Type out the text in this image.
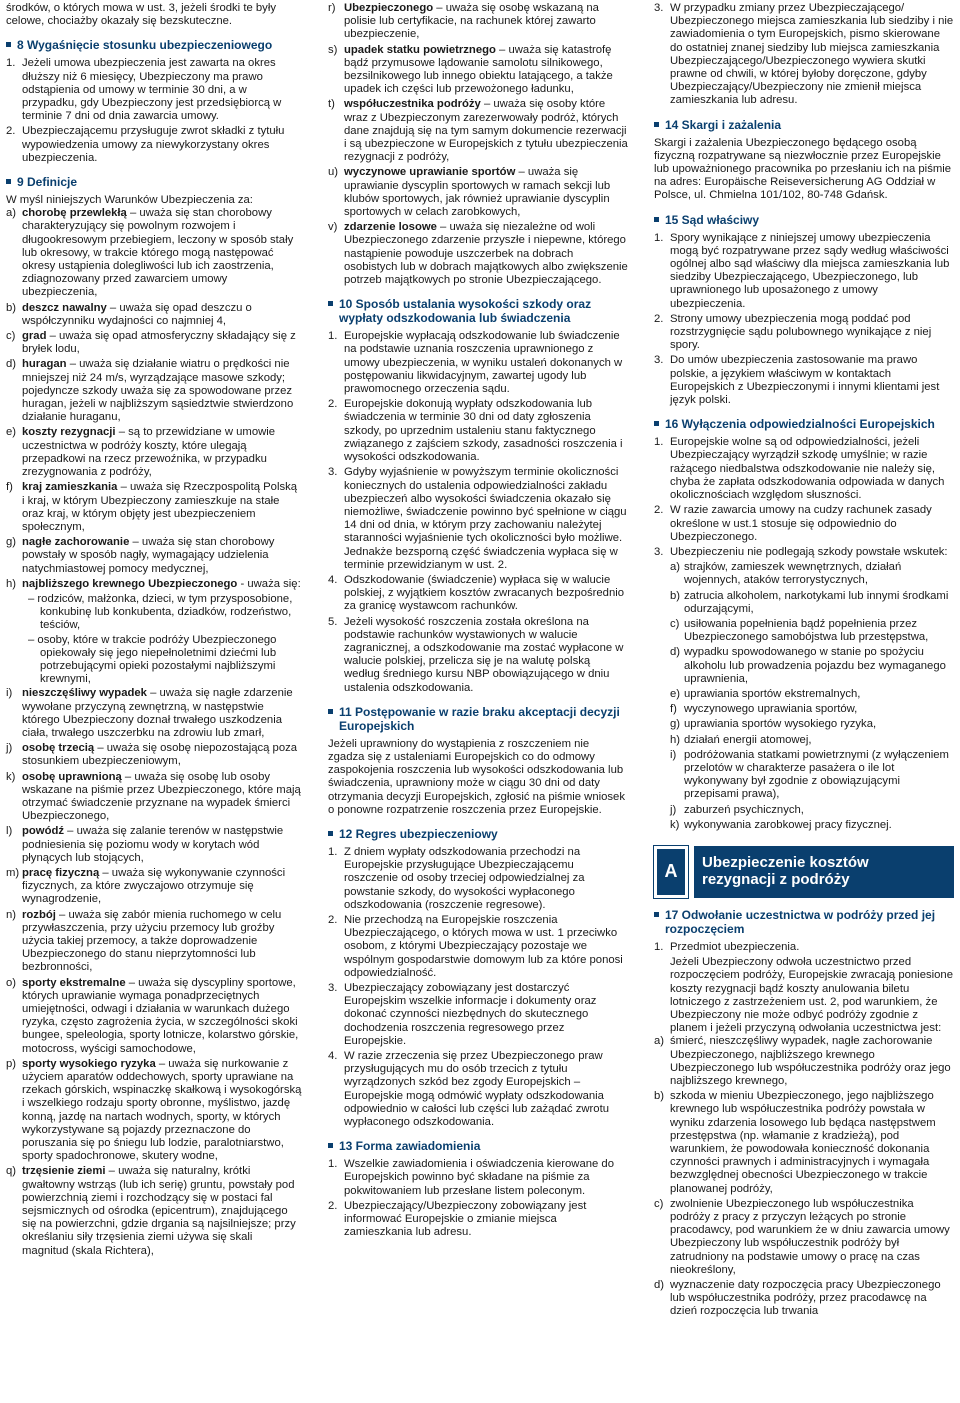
środków, o których mowa w ust. 3, jeżeli środki te były celowe, chociażby okazały się bezskuteczne.

8 Wygaśnięcie stosunku ubezpieczeniowego
1. Jeżeli umowa ubezpieczenia jest zawarta na okres dłuższy niż 6 miesięcy, Ubezpieczony ma prawo odstąpienia od umowy w terminie 30 dni, a w przypadku, gdy Ubezpieczony jest przedsiębiorcą w terminie 7 dni od dnia zawarcia umowy.
2. Ubezpieczającemu przysługuje zwrot składki z tytułu wypowiedzenia umowy za niewykorzystany okres ubezpieczenia.
9 Definicje

W myśl niniejszych Warunków Ubezpieczenia za:

a) chorobę przewlekłą – uważa się stan chorobowy charakteryzujący się powolnym rozwojem i długookresowym przebiegiem, leczony w sposób stały lub okresowy, w trakcie którego mogą następować okresy ustąpienia dolegliwości lub ich zaostrzenia, zdiagnozowany przed zawarciem umowy ubezpieczenia,
b) deszcz nawalny – uważa się opad deszczu o współczynniku wydajności co najmniej 4,
c) grad – uważa się opad atmosferyczny składający się z bryłek lodu,
d) huragan – uważa się działanie wiatru o prędkości nie mniejszej niż 24 m/s, wyrządzające masowe szkody; pojedyncze szkody uważa się za spowodowane przez huragan, jeżeli w najbliższym sąsiedztwie stwierdzono działanie huraganu,
e) koszty rezygnacji – są to przewidziane w umowie uczestnictwa w podróży koszty, które ulegają przepadkowi na rzecz przewoźnika, w przypadku zrezygnowania z podróży,
f) kraj zamieszkania – uważa się Rzeczpospolitą Polską i kraj, w którym Ubezpieczony zamieszkuje na stałe oraz kraj, w którym objęty jest ubezpieczeniem społecznym,
g) nagłe zachorowanie – uważa się stan chorobowy powstały w sposób nagły, wymagający udzielenia natychmiastowej pomocy medycznej,
h) najbliższego krewnego Ubezpieczonego - uważa się:

– rodziców, małżonka, dzieci, w tym przysposobione, konkubinę lub konkubenta, dziadków, rodzeństwo, teściów,

– osoby, które w trakcie podróży Ubezpieczonego opiekowały się jego niepełnoletnimi dziećmi lub potrzebującymi opieki pozostałymi najbliższymi krewnymi,

i) nieszczęśliwy wypadek – uważa się nagłe zdarzenie wywołane przyczyną zewnętrzną, w następstwie którego Ubezpieczony doznał trwałego uszkodzenia ciała, trwałego uszczerbku na zdrowiu lub zmarł,
j) osobę trzecią – uważa się osobę niepozostającą poza stosunkiem ubezpieczeniowym,
k) osobę uprawnioną – uważa się osobę lub osoby wskazane na piśmie przez Ubezpieczonego, które mają otrzymać świadczenie przyznane na wypadek śmierci Ubezpieczonego,
l) powódź – uważa się zalanie terenów w następstwie podniesienia się poziomu wody w korytach wód płynących lub stojących,
m) pracę fizyczną – uważa się wykonywanie czynności fizycznych, za które zwyczajowo otrzymuje się wynagrodzenie,
n) rozbój – uważa się zabór mienia ruchomego w celu przywłaszczenia, przy użyciu przemocy lub groźby użycia takiej przemocy, a także doprowadzenie Ubezpieczonego do stanu nieprzytomności lub bezbronności,
o) sporty ekstremalne – uważa się dyscypliny sportowe, których uprawianie wymaga ponadprzeciętnych umiejętności, odwagi i działania w warunkach dużego ryzyka, często zagrożenia życia, w szczególności skoki bungee, speleologia, sporty lotnicze, kolarstwo górskie, motocross, wyścigi samochodowe,
p) sporty wysokiego ryzyka – uważa się nurkowanie z użyciem aparatów oddechowych, sporty uprawiane na rzekach górskich, wspinaczkę skałkową i wysokogórską i wszelkiego rodzaju sporty obronne, myślistwo, jazdę konną, jazdę na nartach wodnych, sporty, w których wykorzystywane są pojazdy przeznaczone do poruszania się po śniegu lub lodzie, paralotniarstwo, sporty spadochronowe, skutery wodne,
q) trzęsienie ziemi – uważa się naturalny, krótki gwałtowny wstrząs (lub ich serię) gruntu, powstały pod powierzchnią ziemi i rozchodzący się w postaci fal sejsmicznych od ośrodka (epicentrum), znajdującego się na powierzchni, gdzie drgania są najsilniejsze; przy określaniu siły trzęsienia ziemi używa się skali magnitud (skala Richtera),
r) Ubezpieczonego – uważa się osobę wskazaną na polisie lub certyfikacie, na rachunek której zawarto ubezpieczenie,
s) upadek statku powietrznego – uważa się katastrofę bądź przymusowe lądowanie samolotu silnikowego, bezsilnikowego lub innego obiektu latającego, a także upadek ich części lub przewożonego ładunku,
t) współuczestnika podróży – uważa się osoby które wraz z Ubezpieczonym zarezerwowały podróż, których dane znajdują się na tym samym dokumencie rezerwacji i są ubezpieczone w Europejskich z tytułu ubezpieczenia rezygnacji z podróży,
u) wyczynowe uprawianie sportów – uważa się uprawianie dyscyplin sportowych w ramach sekcji lub klubów sportowych, jak również uprawianie dyscyplin sportowych w celach zarobkowych,
v) zdarzenie losowe – uważa się niezależne od woli Ubezpieczonego zdarzenie przyszłe i niepewne, którego nastąpienie powoduje uszczerbek na dobrach osobistych lub w dobrach majątkowych albo zwiększenie potrzeb majątkowych po stronie Ubezpieczającego.
10 Sposób ustalania wysokości szkody oraz wypłaty odszkodowania lub świadczenia
1. Europejskie wypłacają odszkodowanie lub świadczenie na podstawie uznania roszczenia uprawnionego z umowy ubezpieczenia, w wyniku ustaleń dokonanych w postępowaniu likwidacyjnym, zawartej ugody lub prawomocnego orzeczenia sądu.
2. Europejskie dokonują wypłaty odszkodowania lub świadczenia w terminie 30 dni od daty zgłoszenia szkody, po uprzednim ustaleniu stanu faktycznego związanego z zajściem szkody, zasadności roszczenia i wysokości odszkodowania.
3. Gdyby wyjaśnienie w powyższym terminie okoliczności koniecznych do ustalenia odpowiedzialności zakładu ubezpieczeń albo wysokości świadczenia okazało się niemożliwe, świadczenie powinno być spełnione w ciągu 14 dni od dnia, w którym przy zachowaniu należytej staranności wyjaśnienie tych okoliczności było możliwe. Jednakże bezsporną część świadczenia wypłaca się w terminie przewidzianym w ust. 2.
4. Odszkodowanie (świadczenie) wypłaca się w walucie polskiej, z wyjątkiem kosztów zwracanych bezpośrednio za granicę wystawcom rachunków.
5. Jeżeli wysokość roszczenia została określona na podstawie rachunków wystawionych w walucie zagranicznej, a odszkodowanie ma zostać wypłacone w walucie polskiej, przelicza się je na walutę polską według średniego kursu NBP obowiązującego w dniu ustalenia odszkodowania.
11 Postępowanie w razie braku akceptacji decyzji Europejskich

Jeżeli uprawniony do wystąpienia z roszczeniem nie zgadza się z ustaleniami Europejskich co do odmowy zaspokojenia roszczenia lub wysokości odszkodowania lub świadczenia, uprawniony może w ciągu 30 dni od daty otrzymania decyzji Europejskich, zgłosić na piśmie wniosek o ponowne rozpatrzenie roszczenia przez Europejskie.

12 Regres ubezpieczeniowy
1. Z dniem wypłaty odszkodowania przechodzi na Europejskie przysługujące Ubezpieczającemu roszczenie od osoby trzeciej odpowiedzialnej za powstanie szkody, do wysokości wypłaconego odszkodowania (roszczenie regresowe).
2. Nie przechodzą na Europejskie roszczenia Ubezpieczającego, o których mowa w ust. 1 przeciwko osobom, z którymi Ubezpieczający pozostaje we wspólnym gospodarstwie domowym lub za które ponosi odpowiedzialność.
3. Ubezpieczający zobowiązany jest dostarczyć Europejskim wszelkie informacje i dokumenty oraz dokonać czynności niezbędnych do skutecznego dochodzenia roszczenia regresowego przez Europejskie.
4. W razie zrzeczenia się przez Ubezpieczonego praw przysługujących mu do osób trzecich z tytułu wyrządzonych szkód bez zgody Europejskich – Europejskie mogą odmówić wypłaty odszkodowania odpowiednio w całości lub części lub zażądać zwrotu wypłaconego odszkodowania.
13 Forma zawiadomienia
1. Wszelkie zawiadomienia i oświadczenia kierowane do Europejskich powinno być składane na piśmie za pokwitowaniem lub przesłane listem poleconym.
2. Ubezpieczający/Ubezpieczony zobowiązany jest informować Europejskie o zmianie miejsca zamieszkania lub adresu.
3. W przypadku zmiany przez Ubezpieczającego/ Ubezpieczonego miejsca zamieszkania lub siedziby i nie zawiadomienia o tym Europejskich, pismo skierowane do ostatniej znanej siedziby lub miejsca zamieszkania Ubezpieczającego/Ubezpieczonego wywiera skutki prawne od chwili, w której byłoby doręczone, gdyby Ubezpieczający/Ubezpieczony nie zmienił miejsca zamieszkania lub adresu.
14 Skargi i zażalenia

Skargi i zażalenia Ubezpieczonego będącego osobą fizyczną rozpatrywane są niezwłocznie przez Europejskie lub upoważnionego pracownika po przesłaniu ich na piśmie na adres: Europäische Reiseversicherung AG Oddział w Polsce, ul. Chmielna 101/102, 80-748 Gdańsk.

15 Sąd właściwy
1. Spory wynikające z niniejszej umowy ubezpieczenia mogą być rozpatrywane przez sądy według właściwości ogólnej albo sąd właściwy dla miejsca zamieszkania lub siedziby Ubezpieczającego, Ubezpieczonego, lub uprawnionego lub uposażonego z umowy ubezpieczenia.
2. Strony umowy ubezpieczenia mogą poddać pod rozstrzygnięcie sądu polubownego wynikające z niej spory.
3. Do umów ubezpieczenia zastosowanie ma prawo polskie, a językiem właściwym w kontaktach Europejskich z Ubezpieczonymi i innymi klientami jest język polski.
16 Wyłączenia odpowiedzialności Europejskich
1. Europejskie wolne są od odpowiedzialności, jeżeli Ubezpieczający wyrządził szkodę umyślnie; w razie rażącego niedbalstwa odszkodowanie nie należy się, chyba że zapłata odszkodowania odpowiada w danych okolicznościach względom słuszności.
2. W razie zawarcia umowy na cudzy rachunek zasady określone w ust.1 stosuje się odpowiednio do Ubezpieczonego.
3. Ubezpieczeniu nie podlegają szkody powstałe wskutek:
a) strajków, zamieszek wewnętrznych, działań wojennych, ataków terrorystycznych,
b) zatrucia alkoholem, narkotykami lub innymi środkami odurzającymi,
c) usiłowania popełnienia bądź popełnienia przez Ubezpieczonego samobójstwa lub przestępstwa,
d) wypadku spowodowanego w stanie po spożyciu alkoholu lub prowadzenia pojazdu bez wymaganego uprawnienia,
e) uprawiania sportów ekstremalnych,
f) wyczynowego uprawiania sportów,
g) uprawiania sportów wysokiego ryzyka,
h) działań energii atomowej,
i) podróżowania statkami powietrznymi (z wyłączeniem przelotów w charakterze pasażera o ile lot wykonywany był zgodnie z obowiązującymi przepisami prawa),
j) zaburzeń psychicznych,
k) wykonywania zarobkowej pracy fizycznej.
A	Ubezpieczenie kosztów rezygnacji z podróży
17 Odwołanie uczestnictwa w podróży przed jej rozpoczęciem
1. Przedmiot ubezpieczenia.

Jeżeli Ubezpieczony odwoła uczestnictwo przed rozpoczęciem podróży, Europejskie zwracają poniesione koszty rezygnacji bądź koszty anulowania biletu lotniczego z zastrzeżeniem ust. 2, pod warunkiem, że Ubezpieczony nie może odbyć podróży zgodnie z planem i jeżeli przyczyną odwołania uczestnictwa jest:

a) śmierć, nieszczęśliwy wypadek, nagłe zachorowanie Ubezpieczonego, najbliższego krewnego Ubezpieczonego lub współuczestnika podróży oraz jego najbliższego krewnego,
b) szkoda w mieniu Ubezpieczonego, jego najbliższego krewnego lub współuczestnika podróży powstała w wyniku zdarzenia losowego lub będąca następstwem przestępstwa (np. włamanie z kradzieżą), pod warunkiem, że powodowała konieczność dokonania czynności prawnych i administracyjnych i wymagała bezwzględnej obecności Ubezpieczonego w trakcie planowanej podróży,
c) zwolnienie Ubezpieczonego lub współuczestnika podróży z pracy z przyczyn leżących po stronie pracodawcy, pod warunkiem że w dniu zawarcia umowy Ubezpieczony lub współuczestnik podróży był zatrudniony na podstawie umowy o pracę na czas nieokreślony,
d) wyznaczenie daty rozpoczęcia pracy Ubezpieczonego lub współuczestnika podróży, przez pracodawcę na dzień rozpoczęcia lub trwania
